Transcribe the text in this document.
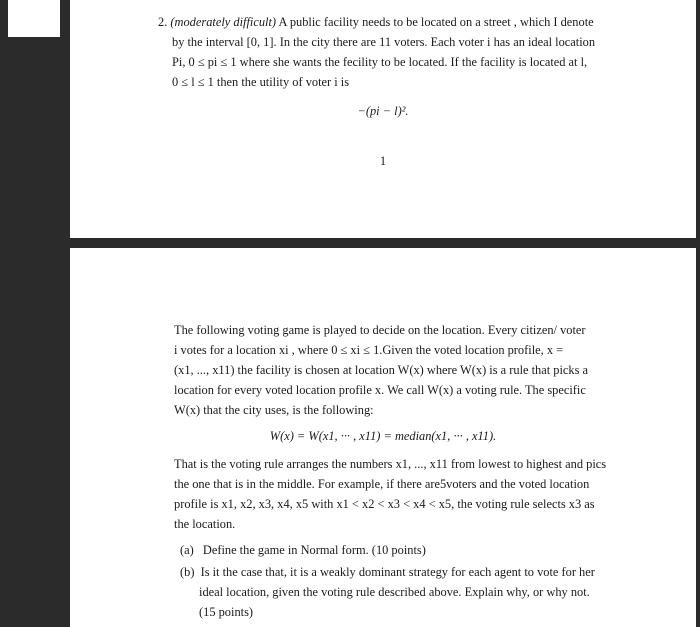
2. (moderately difficult) A public facility needs to be located on a street , which I denote
by the interval [0, 1]. In the city there are 11 voters. Each voter i has an ideal location
Pi, 0 ≤ pi ≤ 1 where she wants the fecility to be located. If the facility is located at l,
0 ≤ l ≤ 1 then the utility of voter i is
−(pi − l)².
1
The following voting game is played to decide on the location. Every citizen/ voter
i votes for a location xi , where 0 ≤ xi ≤ 1.Given the voted location profile, x =
(x1, ..., x11) the facility is chosen at location W(x) where W(x) is a rule that picks a
location for every voted location profile x. We call W(x) a voting rule. The specific
W(x) that the city uses, is the following:
W(x) = W(x1, ··· , x11) = median(x1, ··· , x11).
That is the voting rule arranges the numbers x1, ..., x11 from lowest to highest and pics
the one that is in the middle. For example, if there are5voters and the voted location
profile is x1, x2, x3, x4, x5 with x1 < x2 < x3 < x4 < x5, the voting rule selects x3 as
the location.
(a) Define the game in Normal form. (10 points)
(b) Is it the case that, it is a weakly dominant strategy for each agent to vote for her
ideal location, given the voting rule described above. Explain why, or why not.
(15 points)
